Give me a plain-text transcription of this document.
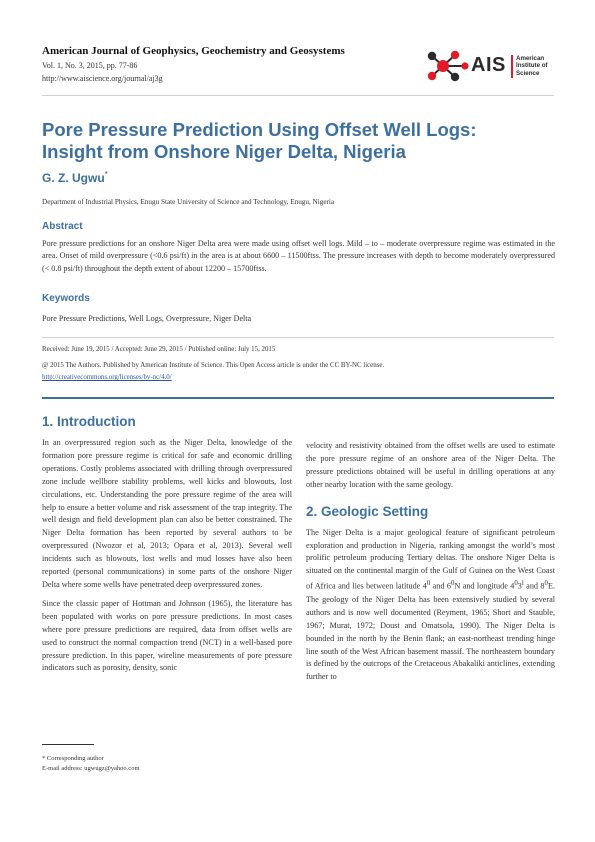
American Journal of Geophysics, Geochemistry and Geosystems
Vol. 1, No. 3, 2015, pp. 77-86
http://www.aiscience.org/journal/aj3g
AIS American
Institute of
Science
Pore Pressure Prediction Using Offset Well Logs:
Insight from Onshore Niger Delta, Nigeria
G. Z. Ugwu*
Department of Industrial Physics, Enugu State University of Science and Technology, Enugu, Nigeria
Abstract
Pore pressure predictions for an onshore Niger Delta area were made using offset well logs. Mild – to – moderate overpressure regime was estimated in the area. Onset of mild overpressure (<0.6 psi/ft) in the area is at about 6600 – 11500ftss. The pressure increases with depth to become moderately overpressured (< 0.8 psi/ft) throughout the depth extent of about 12200 – 15700ftss.
Keywords
Pore Pressure Predictions, Well Logs, Overpressure, Niger Delta
Received: June 19, 2015 / Accepted: June 29, 2015 / Published online: July 15, 2015
@ 2015 The Authors. Published by American Institute of Science. This Open Access article is under the CC BY-NC license.
http://creativecommons.org/licenses/by-nc/4.0/
1. Introduction

In an overpressured region such as the Niger Delta, knowledge of the formation pore pressure regime is critical for safe and economic drilling operations. Costly problems associated with drilling through overpressured zone include wellbore stability problems, well kicks and blowouts, lost circulations, etc. Understanding the pore pressure regime of the area will help to ensure a better volume and risk assessment of the trap integrity. The well design and field development plan can also be better constrained. The Niger Delta formation has been reported by several authors to be overpressured (Nwozor et al, 2013; Opara et al, 2013). Several well incidents such as blowouts, lost wells and mud losses have also been reported (personal communications) in some parts of the onshore Niger Delta where some wells have penetrated deep overpressured zones.

Since the classic paper of Hottman and Johnson (1965), the literature has been populated with works on pore pressure predictions. In most cases where pore pressure predictions are required, data from offset wells are used to construct the normal compaction trend (NCT) in a well-based pore pressure prediction. In this paper, wireline measurements of pore pressure indicators such as porosity, density, sonic

velocity and resistivity obtained from the offset wells are used to estimate the pore pressure regime of an onshore area of the Niger Delta. The pressure predictions obtained will be useful in drilling operations at any other nearby location with the same geology.

2. Geologic Setting

The Niger Delta is a major geological feature of significant petroleum exploration and production in Nigeria, ranking amongst the world’s most prolific petroleum producing Tertiary deltas. The onshore Niger Delta is situated on the continental margin of the Gulf of Guinea on the West Coast of Africa and lies between latitude $4^0$ and $6^0N$ and longitude $4^03^l$ and $8^0E$. The geology of the Niger Delta has been extensively studied by several authors and is now well documented (Reyment, 1965; Short and Stauble, 1967; Murat, 1972; Doust and Omatsola, 1990). The Niger Delta is bounded in the north by the Benin flank; an east-northeast trending hinge line south of the West African basement massif. The northeastern boundary is defined by the outcrops of the Cretaceous Abakaliki anticlines, extending further to

* Corresponding author
E-mail address: ugwugz@yahoo.com
